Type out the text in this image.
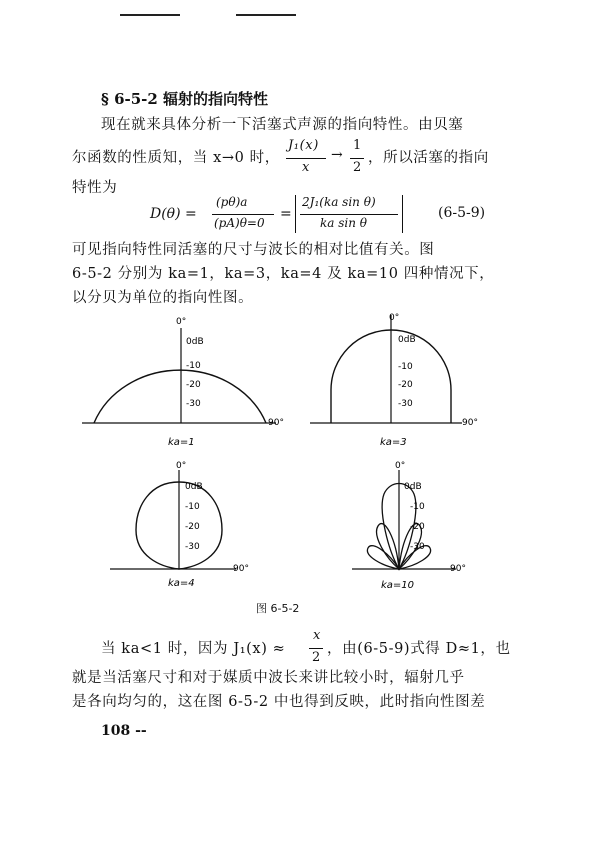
§ 6-5-2 辐射的指向特性
现在就来具体分析一下活塞式声源的指向特性。由贝塞
尔函数的性质知，当 x→0 时，
J₁(x)
x
→
1
2
，所以活塞的指向
特性为
D(θ) =
(pθ)a
(pA)θ=0
=
2J₁(ka sin θ)
ka sin θ
(6-5-9)
可见指向特性同活塞的尺寸与波长的相对比值有关。图
6-5-2 分别为 ka=1，ka=3，ka=4 及 ka=10 四种情况下，
以分贝为单位的指向性图。
0°
0dB
-10
-20
-30
90°
ka=1
0°
0dB
-10
-20
-30
90°
ka=3
0°
0dB
-10
-20
-30
90°
ka=4
0°
0dB
-10
-20
-30
90°
ka=10
图 6-5-2
当 ka<1 时，因为 J₁(x) ≈
x
2
，由(6-5-9)式得 D≈1，也
就是当活塞尺寸和对于媒质中波长来讲比较小时，辐射几乎
是各向均匀的，这在图 6-5-2 中也得到反映，此时指向性图差
108 --
